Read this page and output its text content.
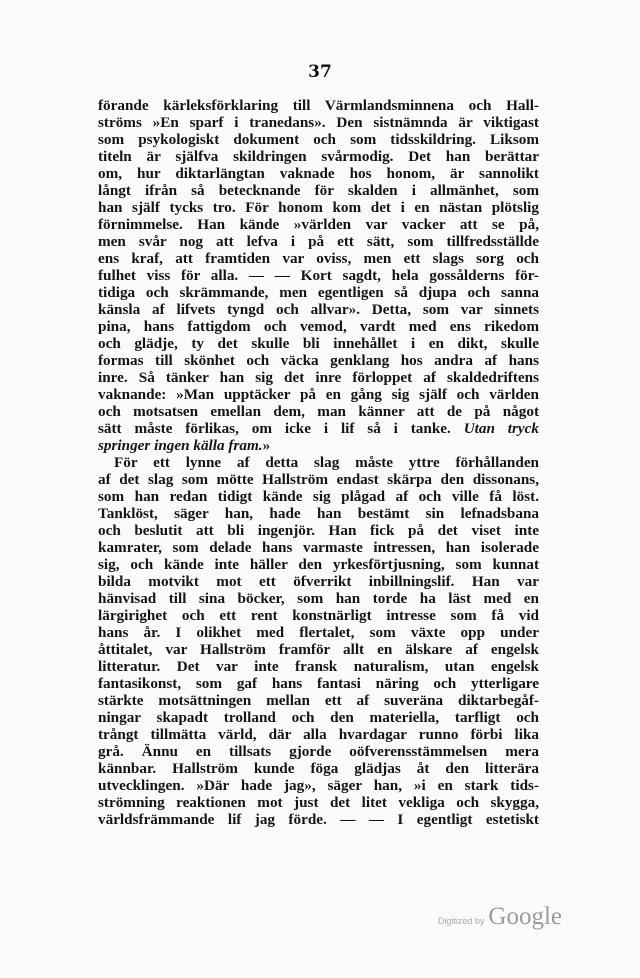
37
förande kärleksförklaring till Värmlandsminnena och Hall-
ströms »En sparf i tranedans». Den sistnämnda är viktigast
som psykologiskt dokument och som tidsskildring. Liksom
titeln är själfva skildringen svårmodig. Det han berättar
om, hur diktarlängtan vaknade hos honom, är sannolikt
långt ifrån så betecknande för skalden i allmänhet, som
han själf tycks tro. För honom kom det i en nästan plötslig
förnimmelse. Han kände »världen var vacker att se på,
men svår nog att lefva i på ett sätt, som tillfredsställde
ens kraf, att framtiden var oviss, men ett slags sorg och
fulhet viss för alla. — — Kort sagdt, hela gossålderns för-
tidiga och skrämmande, men egentligen så djupa och sanna
känsla af lifvets tyngd och allvar». Detta, som var sinnets
pina, hans fattigdom och vemod, vardt med ens rikedom
och glädje, ty det skulle bli innehållet i en dikt, skulle
formas till skönhet och väcka genklang hos andra af hans
inre. Så tänker han sig det inre förloppet af skaldedriftens
vaknande: »Man upptäcker på en gång sig själf och världen
och motsatsen emellan dem, man känner att de på något
sätt måste förlikas, om icke i lif så i tanke. Utan tryck
springer ingen källa fram.»
För ett lynne af detta slag måste yttre förhållanden
af det slag som mötte Hallström endast skärpa den dissonans,
som han redan tidigt kände sig plågad af och ville få löst.
Tanklöst, säger han, hade han bestämt sin lefnadsbana
och beslutit att bli ingenjör. Han fick på det viset inte
kamrater, som delade hans varmaste intressen, han isolerade
sig, och kände inte häller den yrkesförtjusning, som kunnat
bilda motvikt mot ett öfverrikt inbillningslif. Han var
hänvisad till sina böcker, som han torde ha läst med en
lärgirighet och ett rent konstnärligt intresse som få vid
hans år. I olikhet med flertalet, som växte opp under
åttitalet, var Hallström framför allt en älskare af engelsk
litteratur. Det var inte fransk naturalism, utan engelsk
fantasikonst, som gaf hans fantasi näring och ytterligare
stärkte motsättningen mellan ett af suveräna diktarbegåf-
ningar skapadt trolland och den materiella, tarfligt och
trångt tillmätta värld, där alla hvardagar runno förbi lika
grå. Ännu en tillsats gjorde oöfverensstämmelsen mera
kännbar. Hallström kunde föga glädjas åt den litterära
utvecklingen. »Där hade jag», säger han, »i en stark tids-
strömning reaktionen mot just det litet vekliga och skygga,
världsfrämmande lif jag förde. — — I egentligt estetiskt
Digitized by Google
